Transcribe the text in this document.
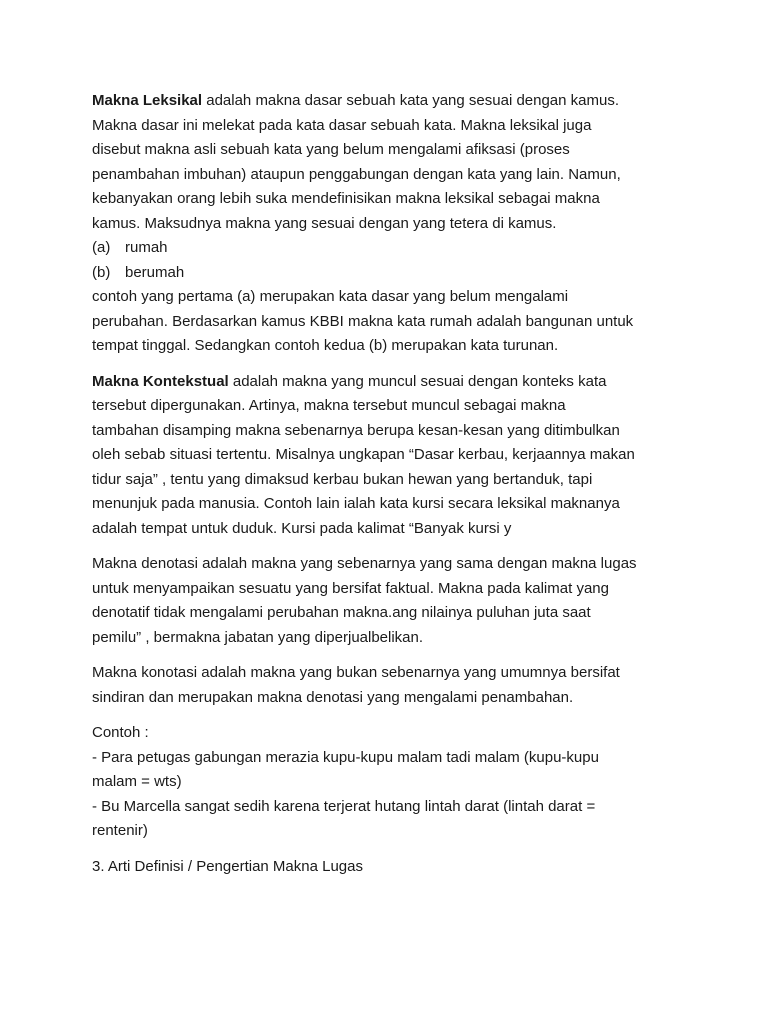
Makna Leksikal adalah makna dasar sebuah kata yang sesuai dengan kamus.
Makna dasar ini melekat pada kata dasar sebuah kata. Makna leksikal juga
disebut makna asli sebuah kata yang belum mengalami afiksasi (proses
penambahan imbuhan) ataupun penggabungan dengan kata yang lain. Namun,
kebanyakan orang lebih suka mendefinisikan makna leksikal sebagai makna
kamus. Maksudnya makna yang sesuai dengan yang tetera di kamus.
(a) rumah
(b) berumah
contoh yang pertama (a) merupakan kata dasar yang belum mengalami
perubahan. Berdasarkan kamus KBBI makna kata rumah adalah bangunan untuk
tempat tinggal. Sedangkan contoh kedua (b) merupakan kata turunan.
Makna Kontekstual adalah makna yang muncul sesuai dengan konteks kata
tersebut dipergunakan. Artinya, makna tersebut muncul sebagai makna
tambahan disamping makna sebenarnya berupa kesan-kesan yang ditimbulkan
oleh sebab situasi tertentu. Misalnya ungkapan “Dasar kerbau, kerjaannya makan
tidur saja” , tentu yang dimaksud kerbau bukan hewan yang bertanduk, tapi
menunjuk pada manusia. Contoh lain ialah kata kursi secara leksikal maknanya
adalah tempat untuk duduk. Kursi pada kalimat “Banyak kursi y
Makna denotasi adalah makna yang sebenarnya yang sama dengan makna lugas
untuk menyampaikan sesuatu yang bersifat faktual. Makna pada kalimat yang
denotatif tidak mengalami perubahan makna.ang nilainya puluhan juta saat
pemilu” , bermakna jabatan yang diperjualbelikan.
Makna konotasi adalah makna yang bukan sebenarnya yang umumnya bersifat
sindiran dan merupakan makna denotasi yang mengalami penambahan.
Contoh :
- Para petugas gabungan merazia kupu-kupu malam tadi malam (kupu-kupu
malam = wts)
- Bu Marcella sangat sedih karena terjerat hutang lintah darat (lintah darat =
rentenir)
3. Arti Definisi / Pengertian Makna Lugas
